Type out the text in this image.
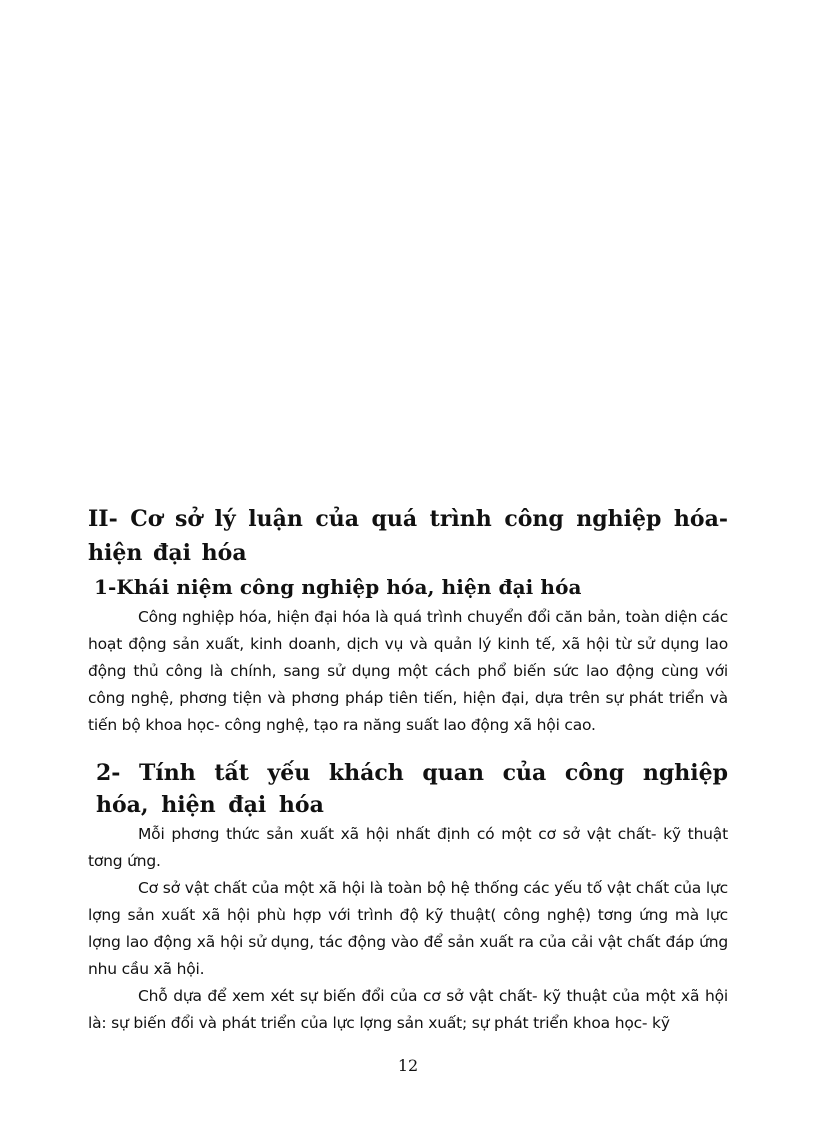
II- Cơ sở lý luận của quá trình công nghiệp hóa- hiện đại hóa
1-Khái niệm công nghiệp hóa, hiện đại hóa

Công nghiệp hóa, hiện đại hóa là quá trình chuyển đổi căn bản, toàn diện các hoạt động sản xuất, kinh doanh, dịch vụ và quản lý kinh tế, xã hội từ sử dụng lao động thủ công là chính, sang sử dụng một cách phổ biến sức lao động cùng với công nghệ, phơng tiện và phơng pháp tiên tiến, hiện đại, dựa trên sự phát triển và tiến bộ khoa học- công nghệ, tạo ra năng suất lao động xã hội cao.

2- Tính tất yếu khách quan của công nghiệp hóa, hiện đại hóa

Mỗi phơng thức sản xuất xã hội nhất định có một cơ sở vật chất- kỹ thuật tơng ứng.

Cơ sở vật chất của một xã hội là toàn bộ hệ thống các yếu tố vật chất của lực lợng sản xuất xã hội phù hợp với trình độ kỹ thuật( công nghệ) tơng ứng mà lực lợng lao động xã hội sử dụng, tác động vào để sản xuất ra của cải vật chất đáp ứng nhu cầu xã hội.

Chỗ dựa để xem xét sự biến đổi của cơ sở vật chất- kỹ thuật của một xã hội là: sự biến đổi và phát triển của lực lợng sản xuất; sự phát triển khoa học- kỹ

12
